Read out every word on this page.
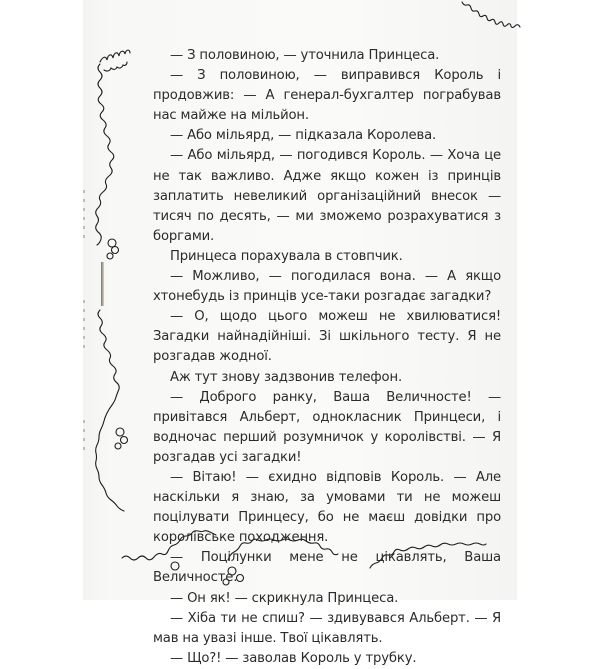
— З половиною, — уточнила Принцеса.

— З половиною, — виправився Король і продовжив: — А генерал-бухгалтер пограбував нас майже на мільйон.

— Або мільярд, — підказала Королева.

— Або мільярд, — погодився Король. — Хоча це не так важливо. Адже якщо кожен із принців заплатить невеликий організаційний внесок — тисяч по десять, — ми зможемо розрахуватися з боргами.

Принцеса порахувала в стовпчик.

— Можливо, — погодилася вона. — А якщо хтонебудь із принців усе-таки розгадає загадки?

— О, щодо цього можеш не хвилюватися! Загадки найнадійніші. Зі шкільного тесту. Я не розгадав жодної.

Аж тут знову задзвонив телефон.

— Доброго ранку, Ваша Величносте! — привітався Альберт, однокласник Принцеси, і водночас перший розумничок у королівстві. — Я розгадав усі загадки!

— Вітаю! — єхидно відповів Король. — Але наскільки я знаю, за умовами ти не можеш поцілувати Принцесу, бо не маєш довідки про королівське походження.

— Поцілунки мене не цікавлять, Ваша Величносте.

— Он як! — скрикнула Принцеса.

— Хіба ти не спиш? — здивувався Альберт. — Я мав на увазі інше. Твої цікавлять.

— Що?! — заволав Король у трубку.
